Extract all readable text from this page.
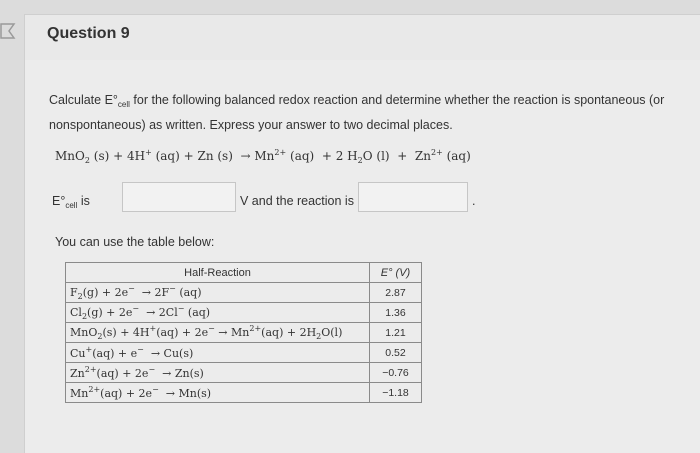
Question 9
Calculate $E^\circ_{cell}$ for the following balanced redox reaction and determine whether the reaction is spontaneous (or
nonspontaneous) as written. Express your answer to two decimal places.
MnO$_2$ (s) + 4H+ (aq) + Zn $(s) \to Mn^{2+}$ (aq)  + 2 $H_2O$ $(l) + Zn^{2+}$ (aq)
$E^\circ_{cell}$ is	V and the reaction is	.
You can use the table below:
Half-Reaction	E° (V)
$F_2(g) + 2e^- \to 2F^-$ (aq)	2.87
$Cl_2(g) + 2e^- \to 2Cl^-$ (aq)	1.36
$MnO_2(s) + 4H^+(aq) + 2e^- \to Mn^{2+}(aq) + 2H_2O(l)$	1.21
Cu+(aq) + e−  → Cu(s)	0.52
$Zn^{2+}(aq) + 2e^- \to Zn(s)$	−0.76
$Mn^{2+}(aq) + 2e^- \to Mn(s)$	−1.18
